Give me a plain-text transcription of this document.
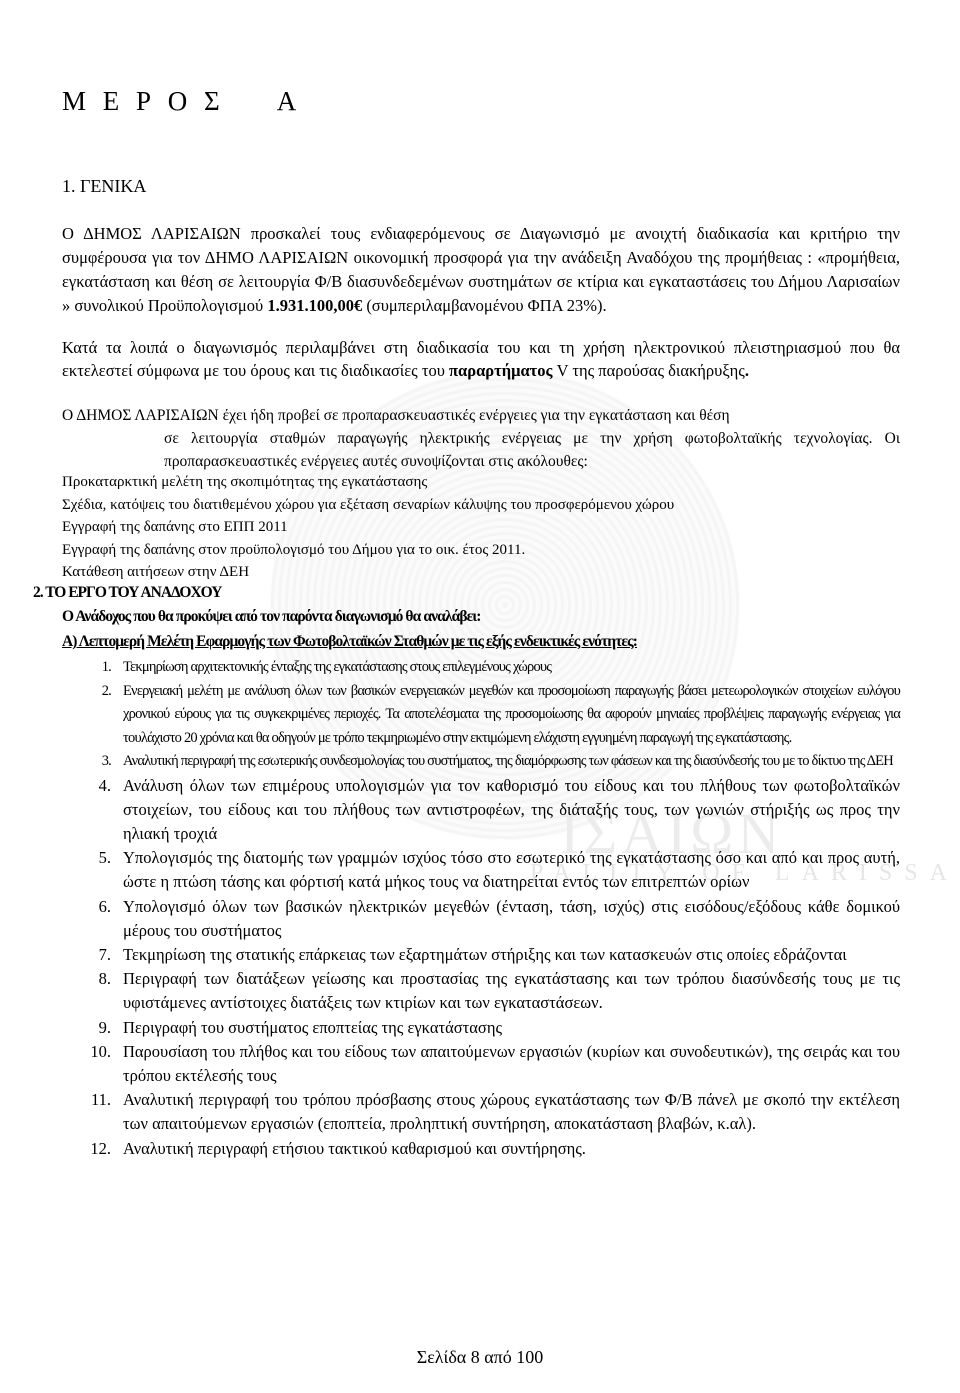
ΙΣΑΙΩΝ
PALITY OF LARISSA
Μ Ε Ρ Ο Σ Α
1. ΓΕΝΙΚΑ

Ο ΔΗΜΟΣ ΛΑΡΙΣΑΙΩΝ προσκαλεί τους ενδιαφερόμενους σε Διαγωνισμό με ανοιχτή διαδικασία και κριτήριο την συμφέρουσα για τον ΔΗΜΟ ΛΑΡΙΣΑΙΩΝ οικονομική προσφορά για την ανάδειξη Αναδόχου της προμήθειας : «προμήθεια, εγκατάσταση και θέση σε λειτουργία Φ/Β διασυνδεδεμένων συστημάτων σε κτίρια και εγκαταστάσεις του Δήμου Λαρισαίων » συνολικού Προϋπολογισμού 1.931.100,00€ (συμπεριλαμβανομένου ΦΠΑ 23%).

Κατά τα λοιπά ο διαγωνισμός περιλαμβάνει στη διαδικασία του και τη χρήση ηλεκτρονικού πλειστηριασμού που θα εκτελεστεί σύμφωνα με του όρους και τις διαδικασίες του παραρτήματος V της παρούσας διακήρυξης.

Ο ΔΗΜΟΣ ΛΑΡΙΣΑΙΩΝ έχει ήδη προβεί σε προπαρασκευαστικές ενέργειες για την εγκατάσταση και θέση
σε λειτουργία σταθμών παραγωγής ηλεκτρικής ενέργειας με την χρήση φωτοβολταϊκής τεχνολογίας. Οι προπαρασκευαστικές ενέργειες αυτές συνοψίζονται στις ακόλουθες:

Προκαταρκτική μελέτη της σκοπιμότητας της εγκατάστασης
Σχέδια, κατόψεις του διατιθεμένου χώρου για εξέταση σεναρίων κάλυψης του προσφερόμενου χώρου
Εγγραφή της δαπάνης στο ΕΠΠ 2011
Εγγραφή της δαπάνης στον προϋπολογισμό του Δήμου για το οικ. έτος 2011.
Κατάθεση αιτήσεων στην ΔΕΗ
2. ΤΟ ΕΡΓΟ ΤΟΥ ΑΝΑΔΟΧΟΥ

Ο Ανάδοχος που θα προκύψει από τον παρόντα διαγωνισμό θα αναλάβει:

Α) Λεπτομερή Μελέτη Εφαρμογής των Φωτοβολταϊκών Σταθμών με τις εξής ενδεικτικές ενότητες:

1. Τεκμηρίωση αρχιτεκτονικής ένταξης της εγκατάστασης στους επιλεγμένους χώρους
2. Ενεργειακή μελέτη με ανάλυση όλων των βασικών ενεργειακών μεγεθών και προσομοίωση παραγωγής βάσει μετεωρολογικών στοιχείων ευλόγου χρονικού εύρους για τις συγκεκριμένες περιοχές. Τα αποτελέσματα της προσομοίωσης θα αφορούν μηνιαίες προβλέψεις παραγωγής ενέργειας για τουλάχιστο 20 χρόνια και θα οδηγούν με τρόπο τεκμηριωμένο στην εκτιμώμενη ελάχιστη εγγυημένη παραγωγή της εγκατάστασης.
3. Αναλυτική περιγραφή της εσωτερικής συνδεσμολογίας του συστήματος, της διαμόρφωσης των φάσεων και της διασύνδεσής του με το δίκτυο της ΔΕΗ
4. Ανάλυση όλων των επιμέρους υπολογισμών για τον καθορισμό του είδους και του πλήθους των φωτοβολταϊκών στοιχείων, του είδους και του πλήθους των αντιστροφέων, της διάταξής τους, των γωνιών στήριξής ως προς την ηλιακή τροχιά
5. Υπολογισμός της διατομής των γραμμών ισχύος τόσο στο εσωτερικό της εγκατάστασης όσο και από και προς αυτή, ώστε η πτώση τάσης και φόρτισή κατά μήκος τους να διατηρείται εντός των επιτρεπτών ορίων
6. Υπολογισμό όλων των βασικών ηλεκτρικών μεγεθών (ένταση, τάση, ισχύς) στις εισόδους/εξόδους κάθε δομικού μέρους του συστήματος
7. Τεκμηρίωση της στατικής επάρκειας των εξαρτημάτων στήριξης και των κατασκευών στις οποίες εδράζονται
8. Περιγραφή των διατάξεων γείωσης και προστασίας της εγκατάστασης και των τρόπου διασύνδεσής τους με τις υφιστάμενες αντίστοιχες διατάξεις των κτιρίων και των εγκαταστάσεων.
9. Περιγραφή του συστήματος εποπτείας της εγκατάστασης
10. Παρουσίαση του πλήθος και του είδους των απαιτούμενων εργασιών (κυρίων και συνοδευτικών), της σειράς και του τρόπου εκτέλεσής τους
11. Αναλυτική περιγραφή του τρόπου πρόσβασης στους χώρους εγκατάστασης των Φ/Β πάνελ με σκοπό την εκτέλεση των απαιτούμενων εργασιών (εποπτεία, προληπτική συντήρηση, αποκατάσταση βλαβών, κ.αλ).
12. Αναλυτική περιγραφή ετήσιου τακτικού καθαρισμού και συντήρησης.

Σελίδα 8 από 100
